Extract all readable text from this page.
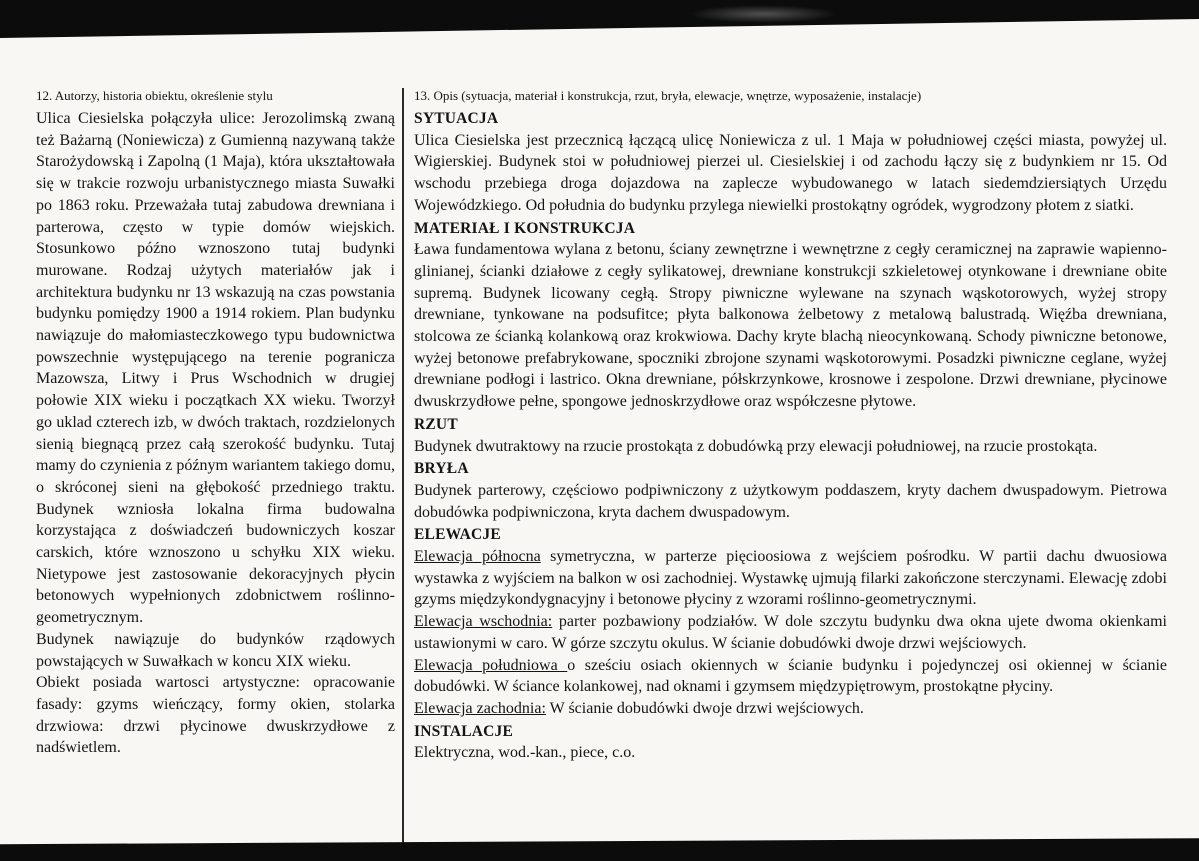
12. Autorzy, historia obiektu, określenie stylu

Ulica Ciesielska połączyła ulice: Jerozolimską zwaną też Bażarną (Noniewicza) z Gumienną nazywaną także Starożydowską i Zapolną (1 Maja), która ukształtowała się w trakcie rozwoju urbanistycznego miasta Suwałki po 1863 roku. Przeważała tutaj zabudowa drewniana i parterowa, często w typie domów wiejskich. Stosunkowo późno wznoszono tutaj budynki murowane. Rodzaj użytych materiałów jak i architektura budynku nr 13 wskazują na czas powstania budynku pomiędzy 1900 a 1914 rokiem. Plan budynku nawiązuje do małomiasteczkowego typu budownictwa powszechnie występującego na terenie pogranicza Mazowsza, Litwy i Prus Wschodnich w drugiej połowie XIX wieku i początkach XX wieku. Tworzył go uklad czterech izb, w dwóch traktach, rozdzielonych sienią biegnącą przez całą szerokość budynku. Tutaj mamy do czynienia z późnym wariantem takiego domu, o skróconej sieni na głębokość przedniego traktu. Budynek wzniosła lokalna firma budowalna korzystająca z doświadczeń budowniczych koszar carskich, które wznoszono u schyłku XIX wieku. Nietypowe jest zastosowanie dekoracyjnych płycin betonowych wypełnionych zdobnictwem roślinno-geometrycznym.

Budynek nawiązuje do budynków rządowych powstających w Suwałkach w koncu XIX wieku.

Obiekt posiada wartosci artystyczne: opracowanie fasady: gzyms wieńczący, formy okien, stolarka drzwiowa: drzwi płycinowe dwuskrzydłowe z nadświetlem.

13. Opis (sytuacja, materiał i konstrukcja, rzut, bryła, elewacje, wnętrze, wyposażenie, instalacje)
SYTUACJA

Ulica Ciesielska jest przecznicą łączącą ulicę Noniewicza z ul. 1 Maja w południowej części miasta, powyżej ul. Wigierskiej. Budynek stoi w południowej pierzei ul. Ciesielskiej i od zachodu łączy się z budynkiem nr 15. Od wschodu przebiega droga dojazdowa na zaplecze wybudowanego w latach siedemdziersiątych Urzędu Wojewódzkiego. Od południa do budynku przylega niewielki prostokątny ogródek, wygrodzony płotem z siatki.

MATERIAŁ I KONSTRUKCJA

Ława fundamentowa wylana z betonu, ściany zewnętrzne i wewnętrzne z cegły ceramicznej na zaprawie wapienno-glinianej, ścianki działowe z cegły sylikatowej, drewniane konstrukcji szkieletowej otynkowane i drewniane obite supremą. Budynek licowany cegłą. Stropy piwniczne wylewane na szynach wąskotorowych, wyżej stropy drewniane, tynkowane na podsufitce; płyta balkonowa żelbetowy z metalową balustradą. Więźba drewniana, stolcowa ze ścianką kolankową oraz krokwiowa. Dachy kryte blachą nieocynkowaną. Schody piwniczne betonowe, wyżej betonowe prefabrykowane, spoczniki zbrojone szynami wąskotorowymi. Posadzki piwniczne ceglane, wyżej drewniane podłogi i lastrico. Okna drewniane, półskrzynkowe, krosnowe i zespolone. Drzwi drewniane, płycinowe dwuskrzydłowe pełne, spongowe jednoskrzydłowe oraz współczesne płytowe.

RZUT

Budynek dwutraktowy na rzucie prostokąta z dobudówką przy elewacji południowej, na rzucie prostokąta.

BRYŁA

Budynek parterowy, częściowo podpiwniczony z użytkowym poddaszem, kryty dachem dwuspadowym. Pietrowa dobudówka podpiwniczona, kryta dachem dwuspadowym.

ELEWACJE

Elewacja północna symetryczna, w parterze pięcioosiowa z wejściem pośrodku. W partii dachu dwuosiowa wystawka z wyjściem na balkon w osi zachodniej. Wystawkę ujmują filarki zakończone sterczynami. Elewację zdobi gzyms międzykondygnacyjny i betonowe płyciny z wzorami roślinno-geometrycznymi.

Elewacja wschodnia: parter pozbawiony podziałów. W dole szczytu budynku dwa okna ujete dwoma okienkami ustawionymi w caro. W górze szczytu okulus. W ścianie dobudówki dwoje drzwi wejściowych.

Elewacja południowa o sześciu osiach okiennych w ścianie budynku i pojedynczej osi okiennej w ścianie dobudówki. W ściance kolankowej, nad oknami i gzymsem międzypiętrowym, prostokątne płyciny.

Elewacja zachodnia: W ścianie dobudówki dwoje drzwi wejściowych.

INSTALACJE

Elektryczna, wod.-kan., piece, c.o.
